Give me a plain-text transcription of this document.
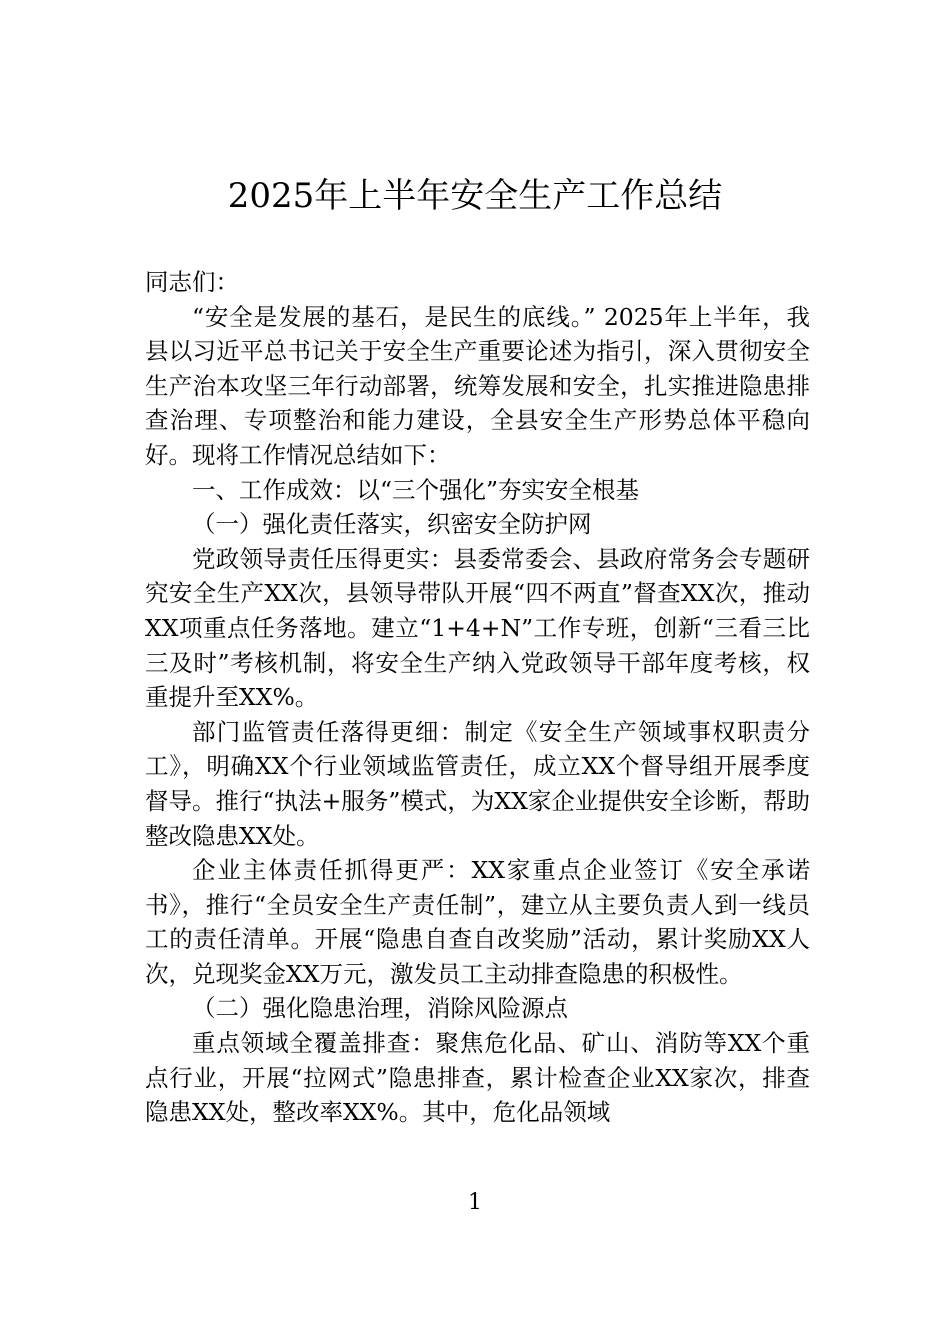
2025年上半年安全生产工作总结

同志们：

“安全是发展的基石，是民生的底线。” 2025年上半年，我县以习近平总书记关于安全生产重要论述为指引，深入贯彻安全生产治本攻坚三年行动部署，统筹发展和安全，扎实推进隐患排查治理、专项整治和能力建设，全县安全生产形势总体平稳向好。现将工作情况总结如下：

一、工作成效：以“三个强化”夯实安全根基

（一）强化责任落实，织密安全防护网

党政领导责任压得更实：县委常委会、县政府常务会专题研究安全生产XX次，县领导带队开展“四不两直”督查XX次，推动XX项重点任务落地。建立“1+4+N”工作专班，创新“三看三比三及时”考核机制，将安全生产纳入党政领导干部年度考核，权重提升至XX%。

部门监管责任落得更细：制定《安全生产领域事权职责分工》，明确XX个行业领域监管责任，成立XX个督导组开展季度督导。推行“执法+服务”模式，为XX家企业提供安全诊断，帮助整改隐患XX处。

企业主体责任抓得更严：XX家重点企业签订《安全承诺书》，推行“全员安全生产责任制”，建立从主要负责人到一线员工的责任清单。开展“隐患自查自改奖励”活动，累计奖励XX人次，兑现奖金XX万元，激发员工主动排查隐患的积极性。

（二）强化隐患治理，消除风险源点

重点领域全覆盖排查：聚焦危化品、矿山、消防等XX个重点行业，开展“拉网式”隐患排查，累计检查企业XX家次，排查隐患XX处，整改率XX%。其中，危化品领域

1
